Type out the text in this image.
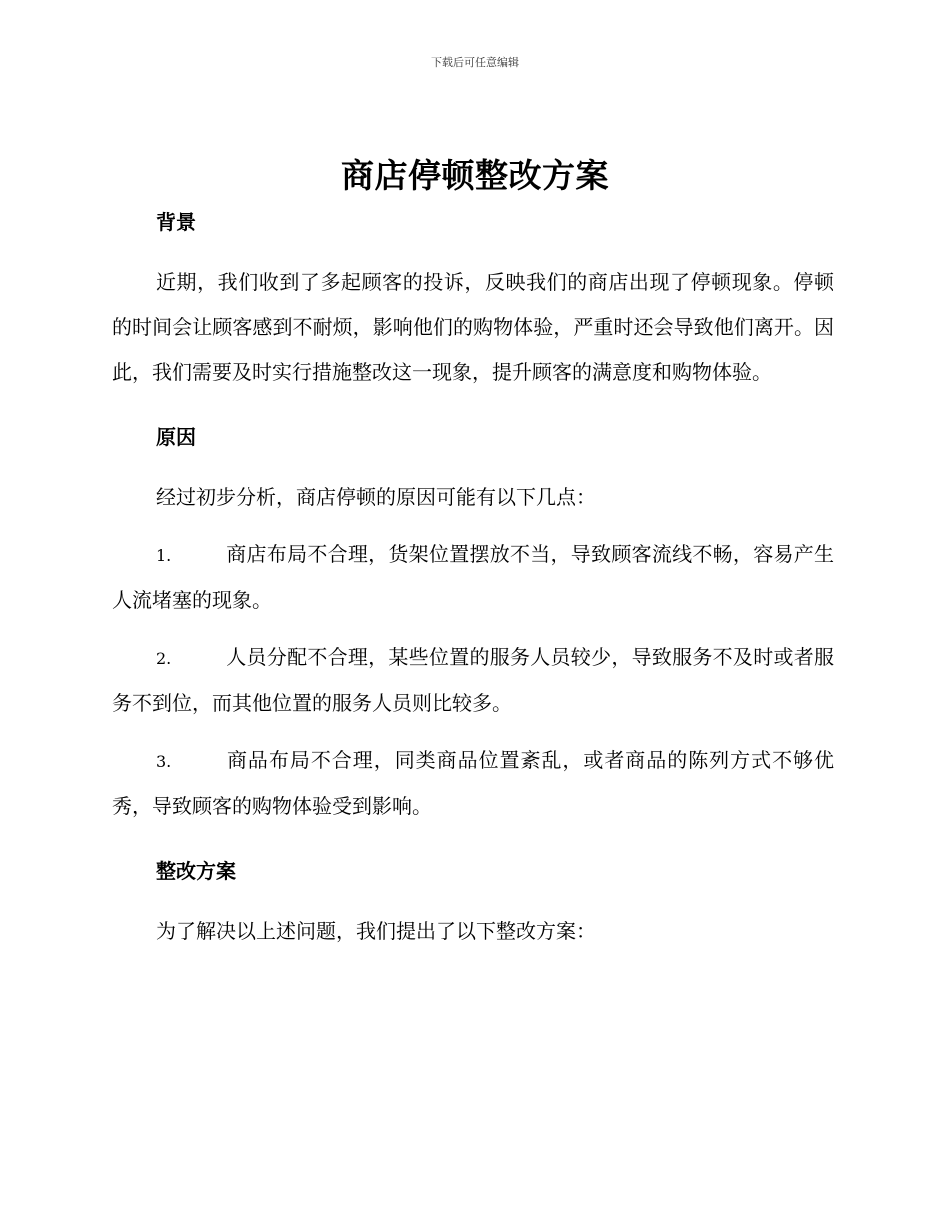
下载后可任意编辑
商店停顿整改方案
背景

近期，我们收到了多起顾客的投诉，反映我们的商店出现了停顿现象。停顿的时间会让顾客感到不耐烦，影响他们的购物体验，严重时还会导致他们离开。因此，我们需要及时实行措施整改这一现象，提升顾客的满意度和购物体验。

原因

经过初步分析，商店停顿的原因可能有以下几点：

1.	商店布局不合理，货架位置摆放不当，导致顾客流线不畅，容易产生人流堵塞的现象。

2.	人员分配不合理，某些位置的服务人员较少，导致服务不及时或者服务不到位，而其他位置的服务人员则比较多。

3.	商品布局不合理，同类商品位置紊乱，或者商品的陈列方式不够优秀，导致顾客的购物体验受到影响。

整改方案

为了解决以上述问题，我们提出了以下整改方案：
